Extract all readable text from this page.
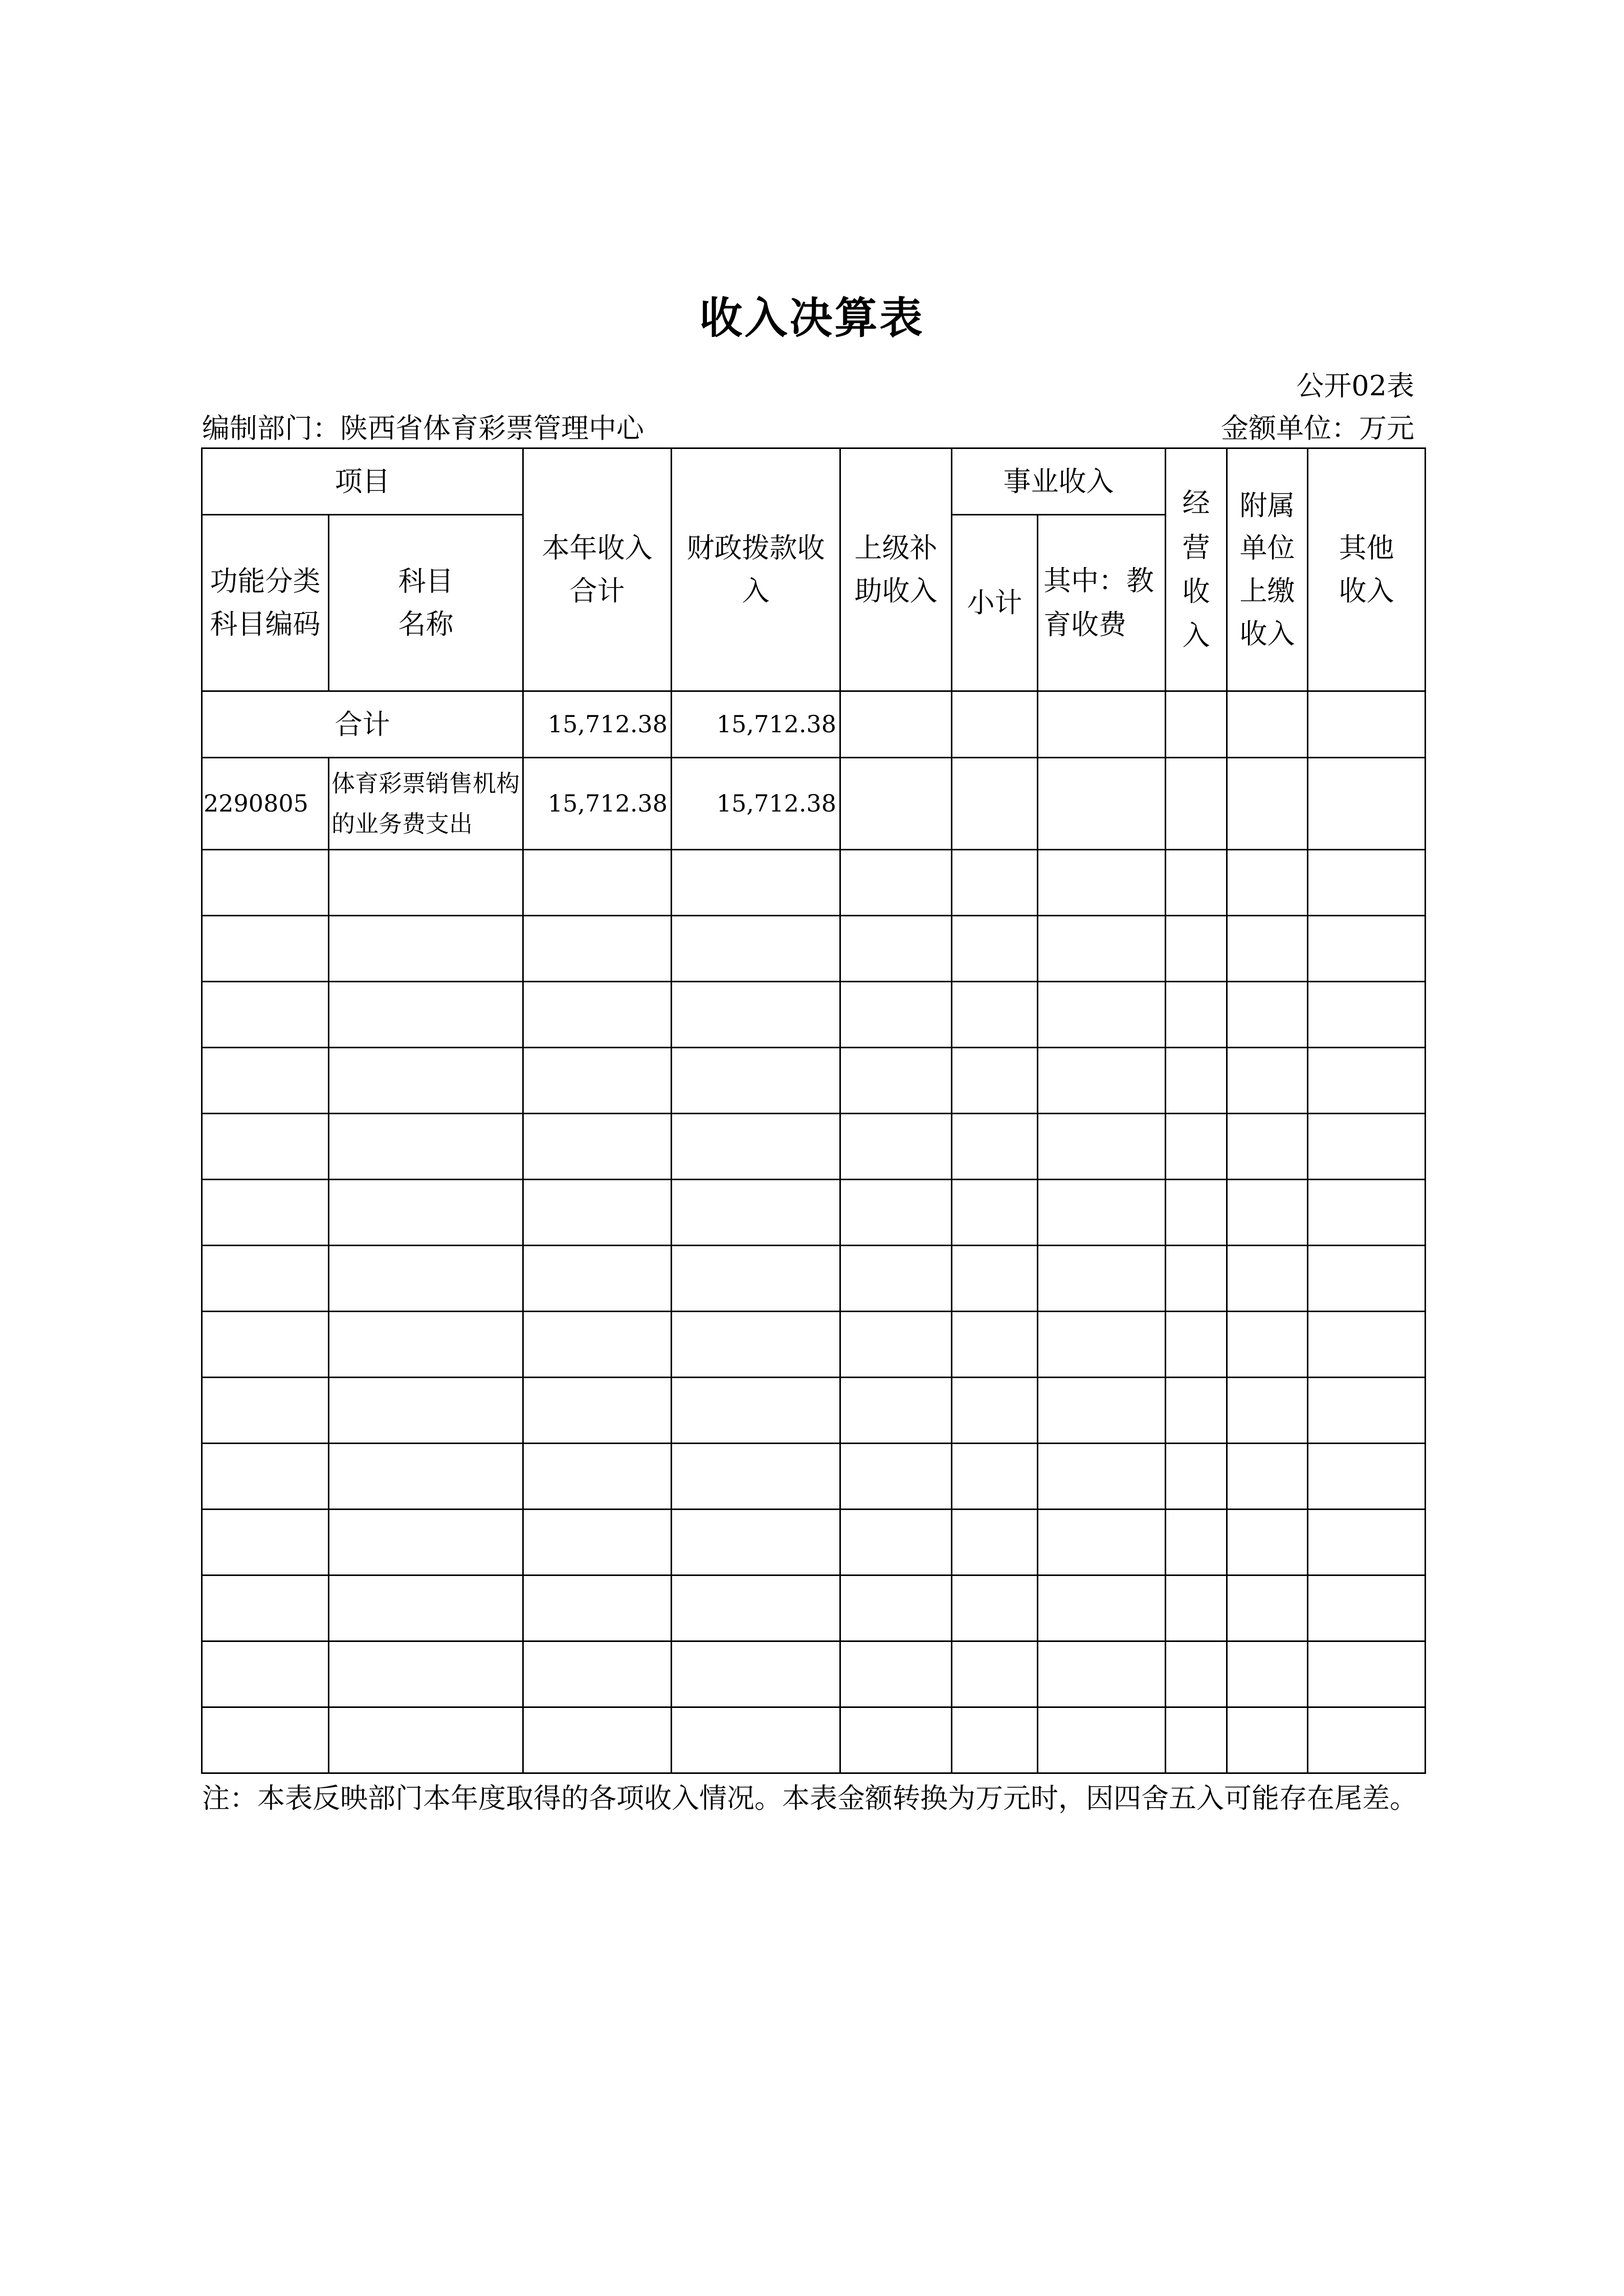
收入决算表
公开02表
编制部门：陕西省体育彩票管理中心	金额单位：万元
项目		本年收入合计	财政拨款收入	上级补助收入	事业收入		经营收入	附属单位上缴收入	其他收入
功能分类科目编码	科目名称				小计	其中：教育收费			

合计		15,712.38	15,712.38						
2290805	体育彩票销售机构的业务费支出	15,712.38	15,712.38						

注：本表反映部门本年度取得的各项收入情况。本表金额转换为万元时，因四舍五入可能存在尾差。
